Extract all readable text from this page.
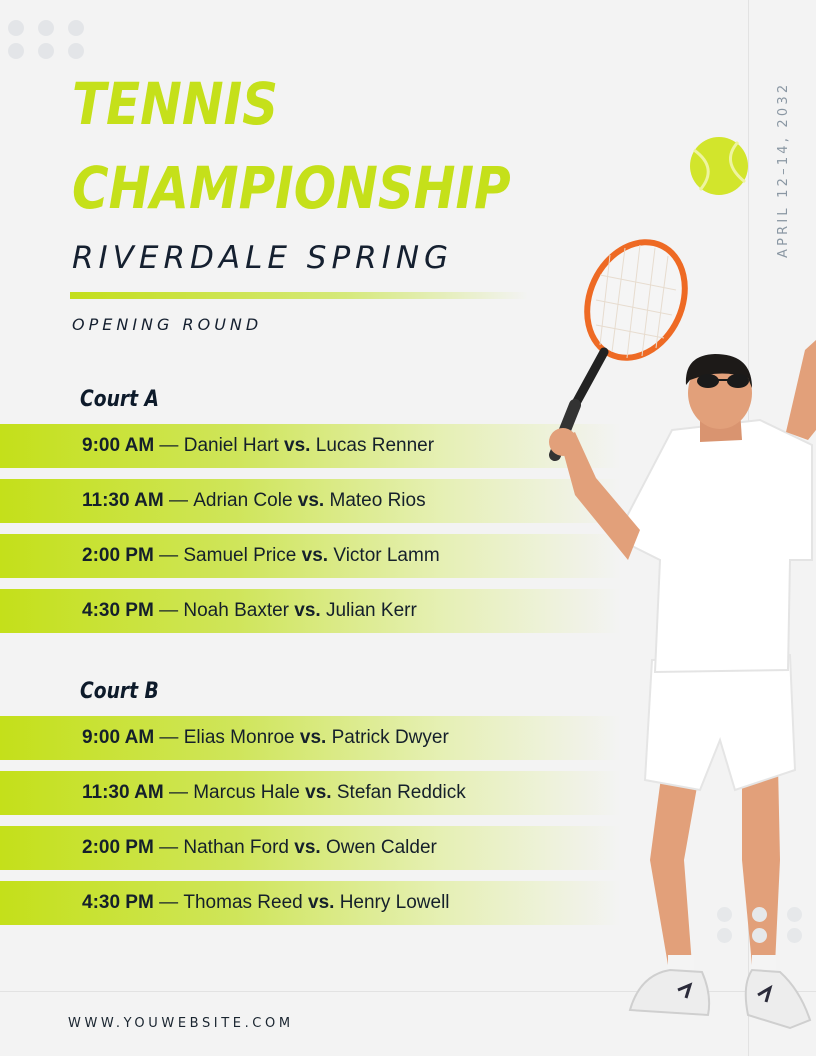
TENNIS
CHAMPIONSHIP
RIVERDALE SPRING
OPENING ROUND
Court A
9:00 AM — Daniel Hart
vs.
Lucas Renner
11:30 AM — Adrian Cole
vs.
Mateo Rios
2:00 PM — Samuel Price
vs.
Victor Lamm
4:30 PM — Noah Baxter
vs.
Julian Kerr
Court B
9:00 AM — Elias Monroe
vs.
Patrick Dwyer
11:30 AM — Marcus Hale
vs.
Stefan Reddick
2:00 PM — Nathan Ford
vs.
Owen Calder
4:30 PM — Thomas Reed
vs.
Henry Lowell
APRIL 12–14, 2032
WWW.YOUWEBSITE.COM
